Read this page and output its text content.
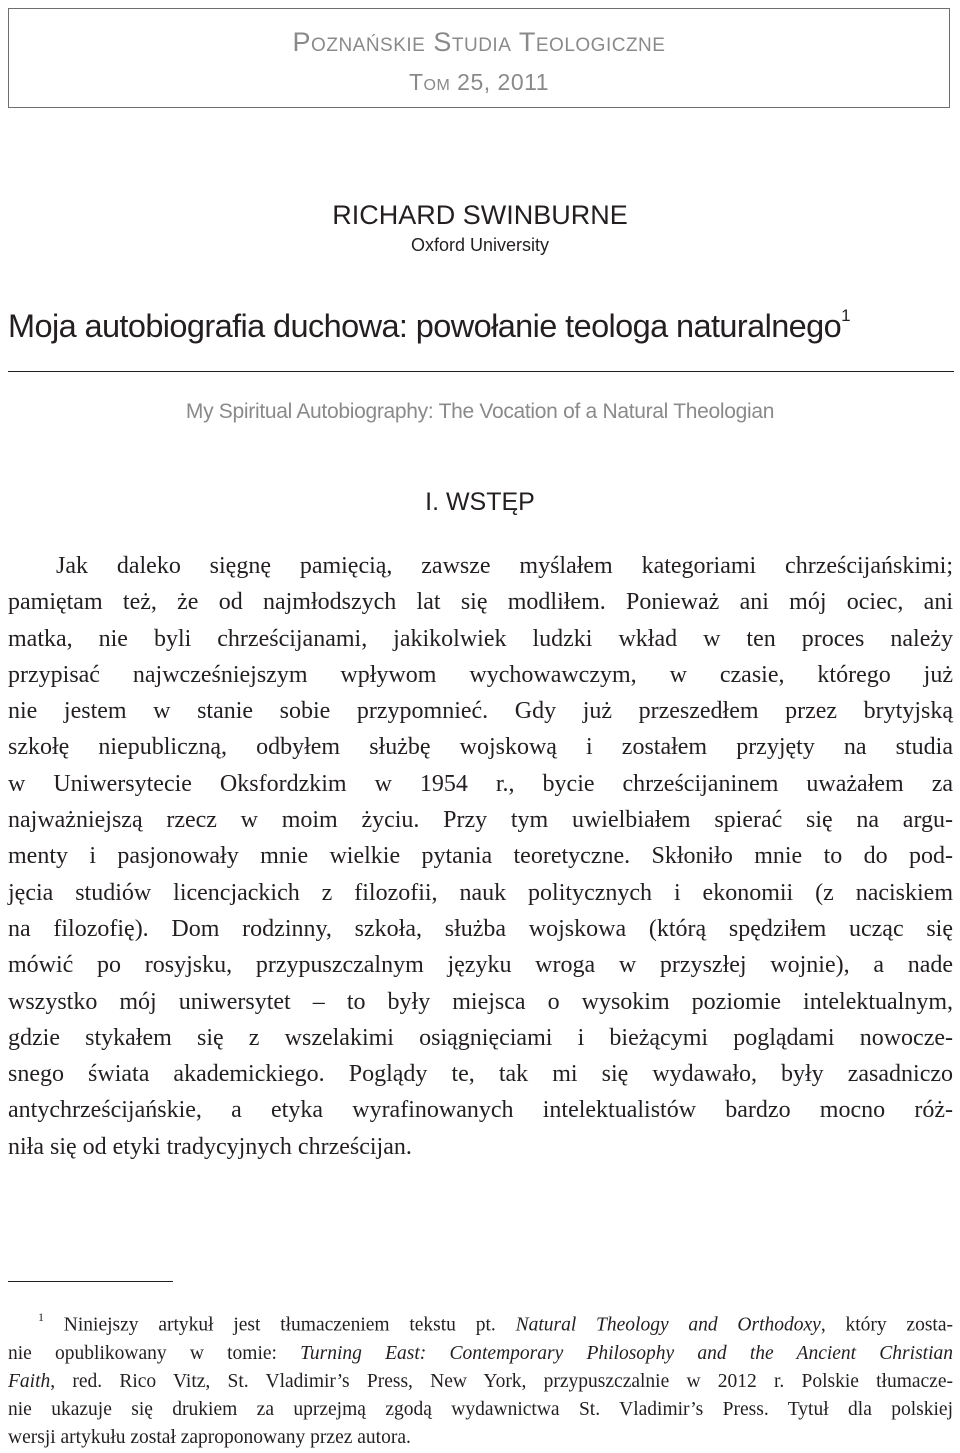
Poznańskie Studia Teologiczne
Tom 25, 2011
RICHARD SWINBURNE
Oxford University
Moja autobiografia duchowa: powołanie teologa naturalnego$^1$
My Spiritual Autobiography: The Vocation of a Natural Theologian
I. WSTĘP
Jak daleko sięgnę pamięcią, zawsze myślałem kategoriami chrześcijańskimi;
pamiętam też, że od najmłodszych lat się modliłem. Ponieważ ani mój ociec, ani
matka, nie byli chrześcijanami, jakikolwiek ludzki wkład w ten proces należy
przypisać najwcześniejszym wpływom wychowawczym, w czasie, którego już
nie jestem w stanie sobie przypomnieć. Gdy już przeszedłem przez brytyjską
szkołę niepubliczną, odbyłem służbę wojskową i zostałem przyjęty na studia
w Uniwersytecie Oksfordzkim w 1954 r., bycie chrześcijaninem uważałem za
najważniejszą rzecz w moim życiu. Przy tym uwielbiałem spierać się na argu-
menty i pasjonowały mnie wielkie pytania teoretyczne. Skłoniło mnie to do pod-
jęcia studiów licencjackich z filozofii, nauk politycznych i ekonomii (z naciskiem
na filozofię). Dom rodzinny, szkoła, służba wojskowa (którą spędziłem ucząc się
mówić po rosyjsku, przypuszczalnym języku wroga w przyszłej wojnie), a nade
wszystko mój uniwersytet – to były miejsca o wysokim poziomie intelektualnym,
gdzie stykałem się z wszelakimi osiągnięciami i bieżącymi poglądami nowocze-
snego świata akademickiego. Poglądy te, tak mi się wydawało, były zasadniczo
antychrześcijańskie, a etyka wyrafinowanych intelektualistów bardzo mocno róż-
niła się od etyki tradycyjnych chrześcijan.
$^1$ Niniejszy artykuł jest tłumaczeniem tekstu pt. Natural Theology and Orthodoxy, który zosta-
nie opublikowany w tomie: Turning East: Contemporary Philosophy and the Ancient Christian
Faith, red. Rico Vitz, St. Vladimir’s Press, New York, przypuszczalnie w 2012 r. Polskie tłumacze-
nie ukazuje się drukiem za uprzejmą zgodą wydawnictwa St. Vladimir’s Press. Tytuł dla polskiej
wersji artykułu został zaproponowany przez autora.
